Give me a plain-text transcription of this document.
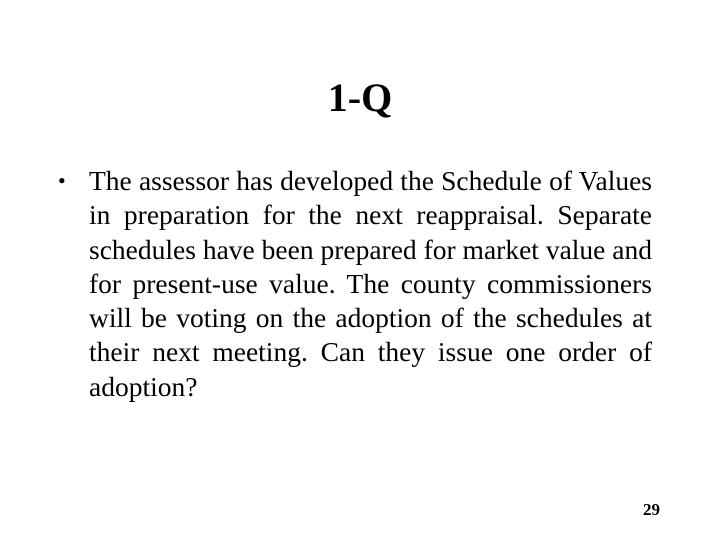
1-Q
• The assessor has developed the Schedule of Values in preparation for the next reappraisal. Separate schedules have been prepared for market value and for present-use value. The county commissioners will be voting on the adoption of the schedules at their next meeting. Can they issue one order of adoption?
29
